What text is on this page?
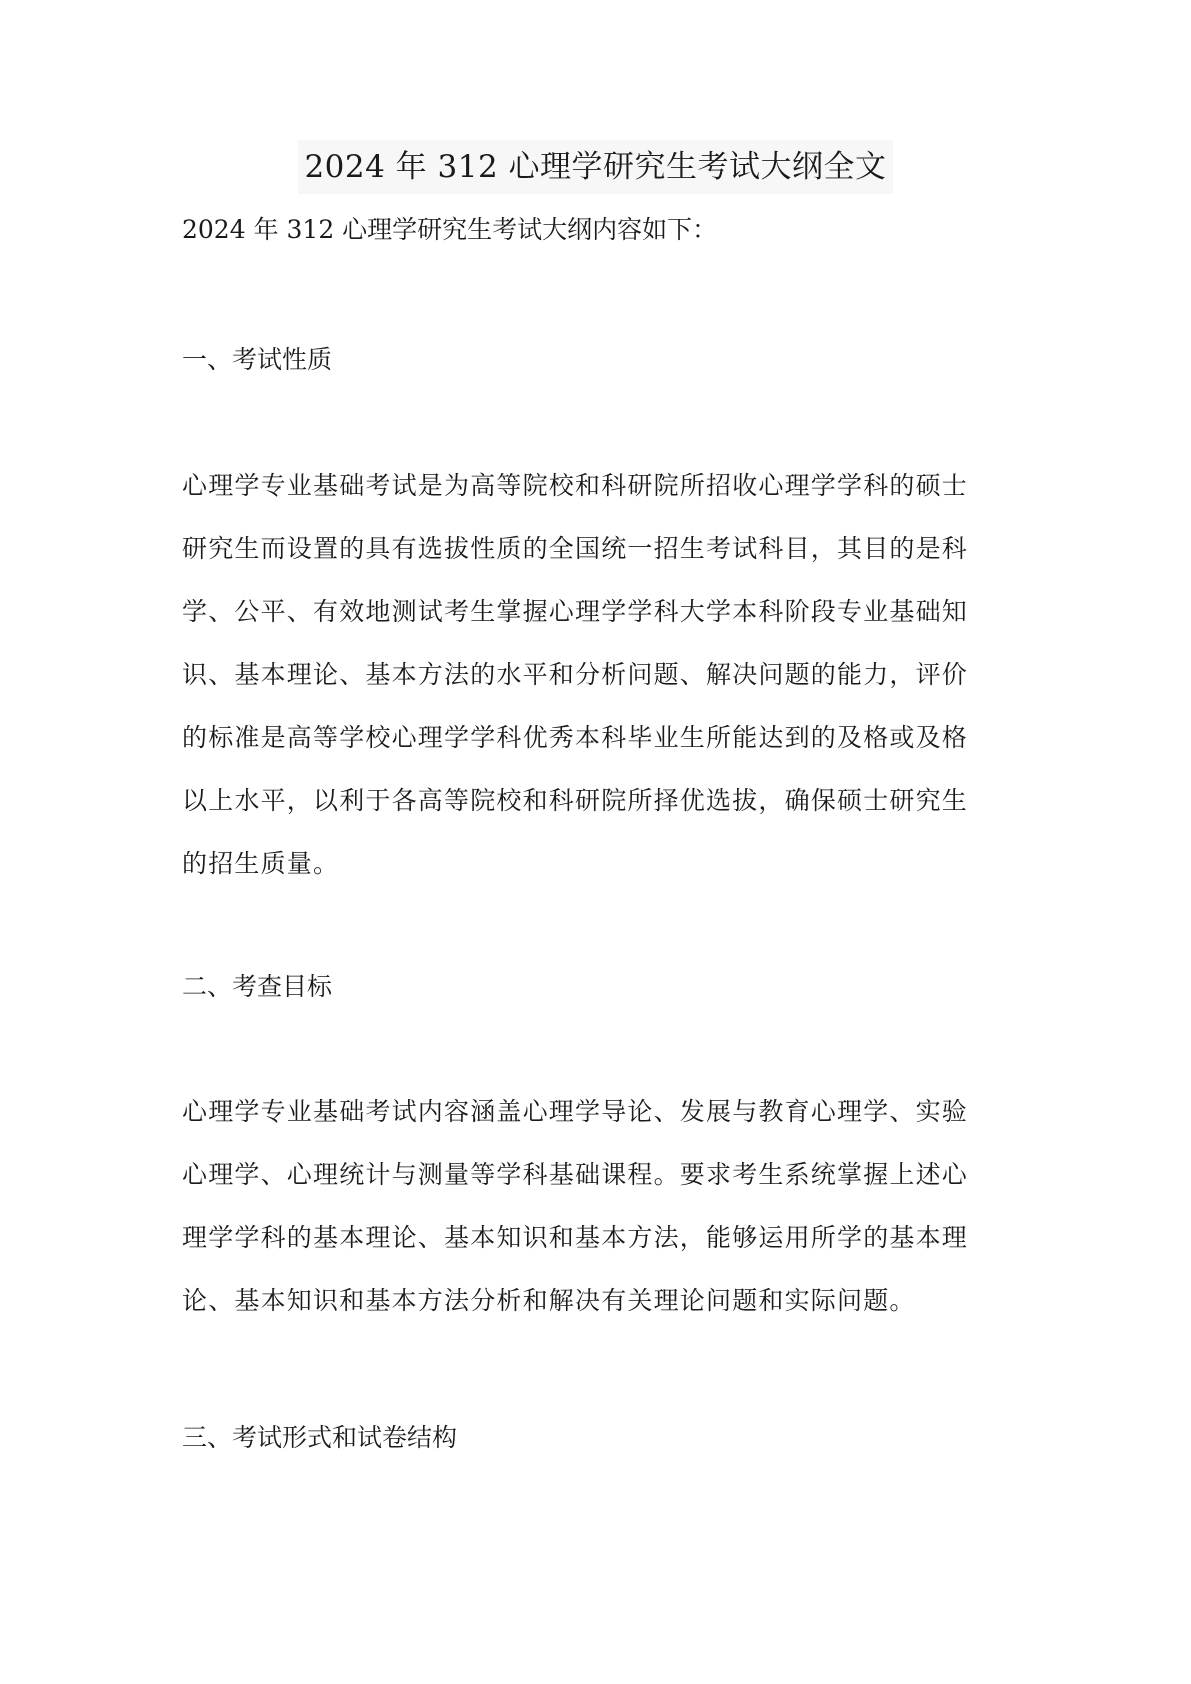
2024 年 312 心理学研究生考试大纲全文
2024 年 312 心理学研究生考试大纲内容如下：
一、考试性质
心理学专业基础考试是为高等院校和科研院所招收心理学学科的硕士
研究生而设置的具有选拔性质的全国统一招生考试科目，其目的是科
学、公平、有效地测试考生掌握心理学学科大学本科阶段专业基础知
识、基本理论、基本方法的水平和分析问题、解决问题的能力，评价
的标准是高等学校心理学学科优秀本科毕业生所能达到的及格或及格
以上水平，以利于各高等院校和科研院所择优选拔，确保硕士研究生
的招生质量。
二、考查目标
心理学专业基础考试内容涵盖心理学导论、发展与教育心理学、实验
心理学、心理统计与测量等学科基础课程。要求考生系统掌握上述心
理学学科的基本理论、基本知识和基本方法，能够运用所学的基本理
论、基本知识和基本方法分析和解决有关理论问题和实际问题。
三、考试形式和试卷结构
